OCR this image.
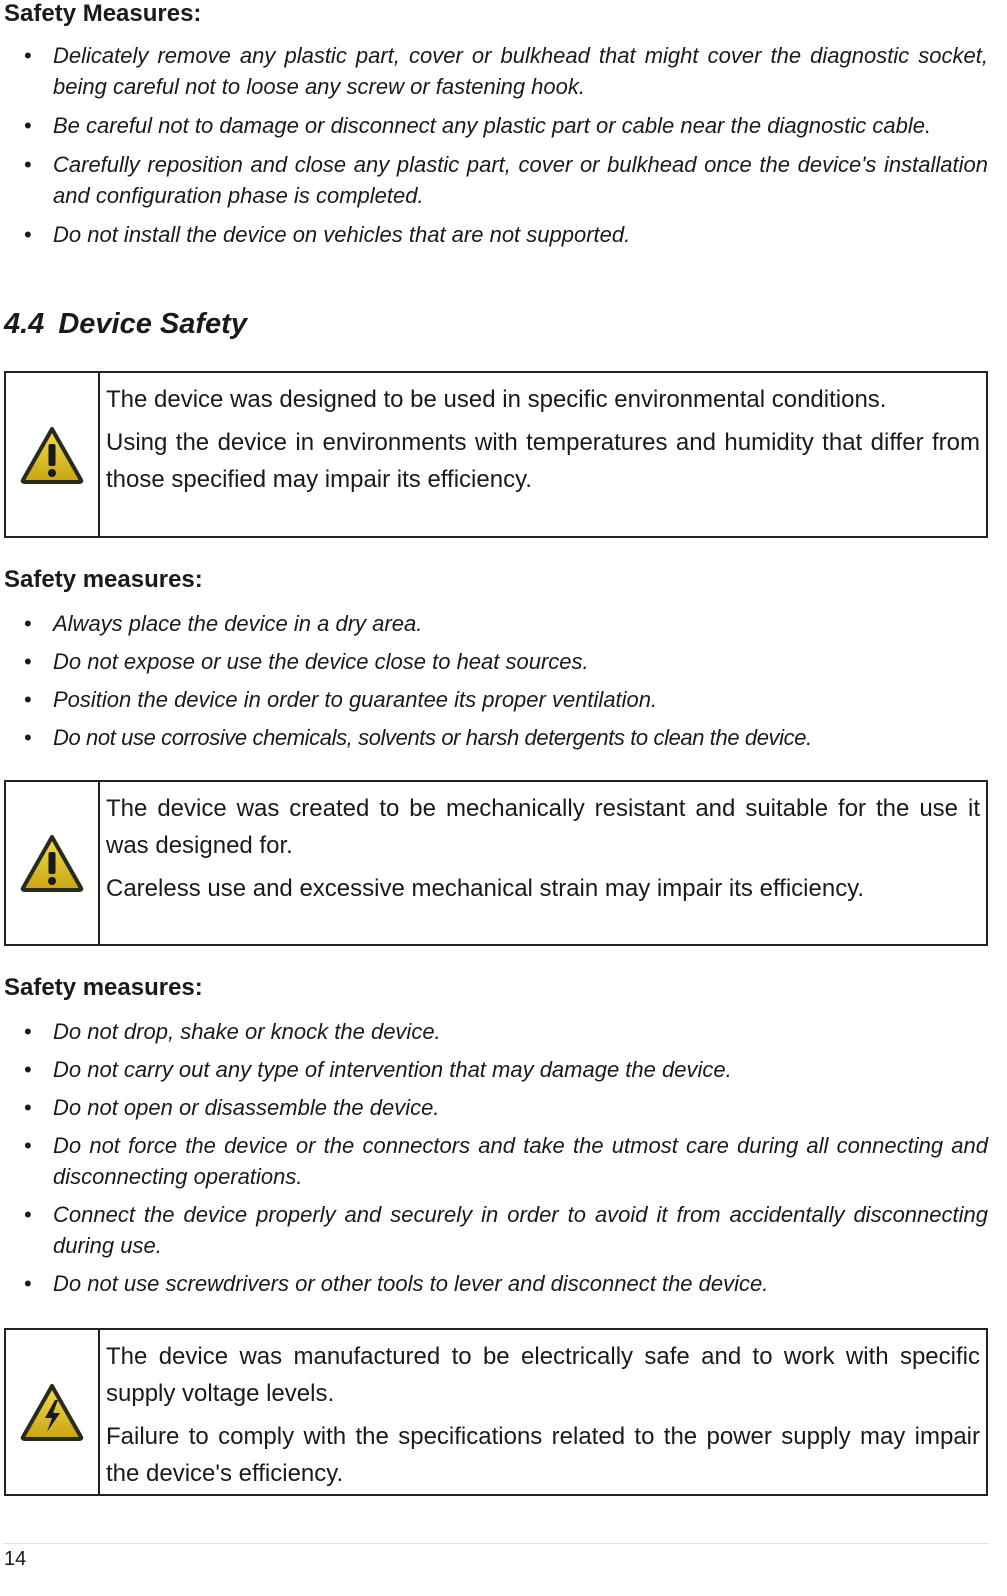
Safety Measures:

• Delicately remove any plastic part, cover or bulkhead that might cover the diagnostic socket, being careful not to loose any screw or fastening hook.
• Be careful not to damage or disconnect any plastic part or cable near the diagnostic cable.
• Carefully reposition and close any plastic part, cover or bulkhead once the device's installation and configuration phase is completed.
• Do not install the device on vehicles that are not supported.
4.4 Device Safety

The device was designed to be used in specific environmental conditions.

Using the device in environments with temperatures and humidity that differ from those specified may impair its efficiency.

Safety measures:

• Always place the device in a dry area.
• Do not expose or use the device close to heat sources.
• Position the device in order to guarantee its proper ventilation.
• Do not use corrosive chemicals, solvents or harsh detergents to clean the device.

The device was created to be mechanically resistant and suitable for the use it was designed for.

Careless use and excessive mechanical strain may impair its efficiency.

Safety measures:

• Do not drop, shake or knock the device.
• Do not carry out any type of intervention that may damage the device.
• Do not open or disassemble the device.
• Do not force the device or the connectors and take the utmost care during all connecting and disconnecting operations.
• Connect the device properly and securely in order to avoid it from accidentally disconnecting during use.
• Do not use screwdrivers or other tools to lever and disconnect the device.

The device was manufactured to be electrically safe and to work with specific supply voltage levels.

Failure to comply with the specifications related to the power supply may impair the device's efficiency.

14
